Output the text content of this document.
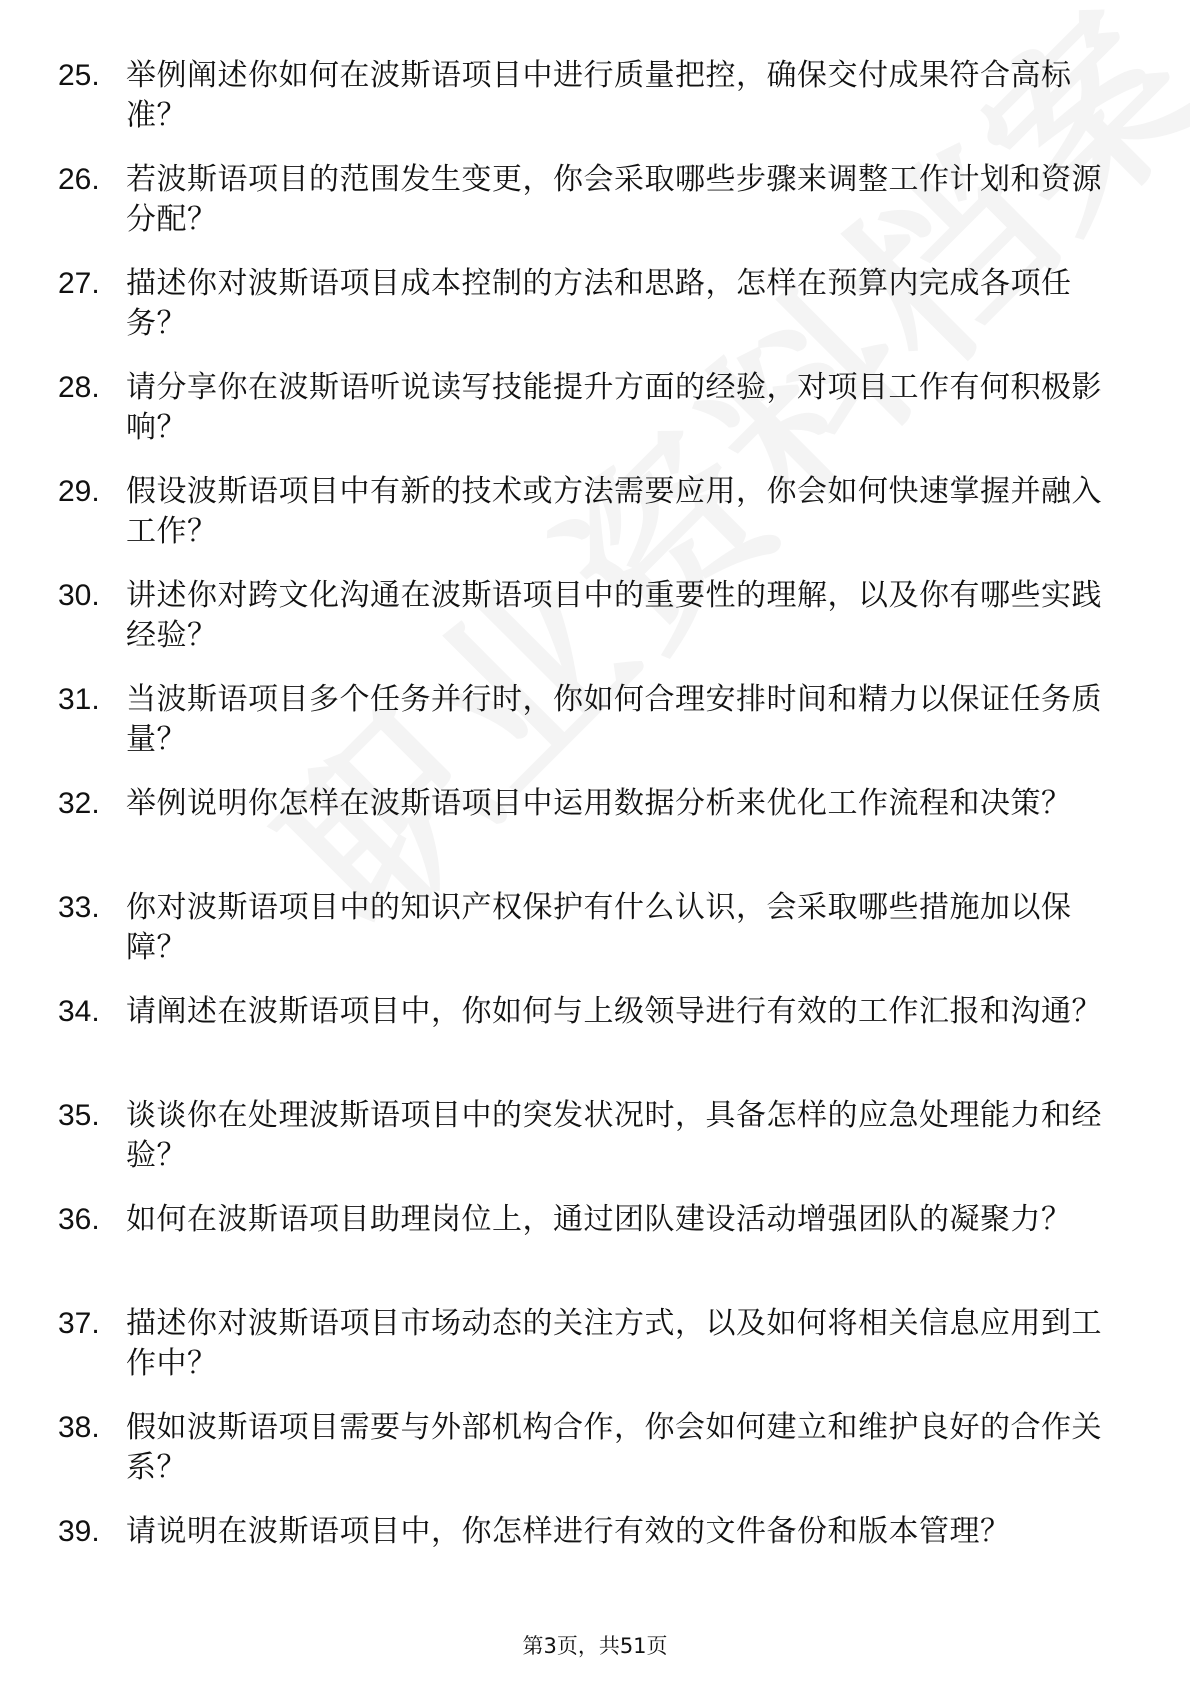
25. 举例阐述你如何在波斯语项目中进行质量把控，确保交付成果符合高标准？
26. 若波斯语项目的范围发生变更，你会采取哪些步骤来调整工作计划和资源分配？
27. 描述你对波斯语项目成本控制的方法和思路，怎样在预算内完成各项任务？
28. 请分享你在波斯语听说读写技能提升方面的经验，对项目工作有何积极影响？
29. 假设波斯语项目中有新的技术或方法需要应用，你会如何快速掌握并融入工作？
30. 讲述你对跨文化沟通在波斯语项目中的重要性的理解，以及你有哪些实践经验？
31. 当波斯语项目多个任务并行时，你如何合理安排时间和精力以保证任务质量？
32. 举例说明你怎样在波斯语项目中运用数据分析来优化工作流程和决策？
33. 你对波斯语项目中的知识产权保护有什么认识，会采取哪些措施加以保障？
34. 请阐述在波斯语项目中，你如何与上级领导进行有效的工作汇报和沟通？
35. 谈谈你在处理波斯语项目中的突发状况时，具备怎样的应急处理能力和经验？
36. 如何在波斯语项目助理岗位上，通过团队建设活动增强团队的凝聚力？
37. 描述你对波斯语项目市场动态的关注方式，以及如何将相关信息应用到工作中？
38. 假如波斯语项目需要与外部机构合作，你会如何建立和维护良好的合作关系？
39. 请说明在波斯语项目中，你怎样进行有效的文件备份和版本管理？
第3页，共51页
